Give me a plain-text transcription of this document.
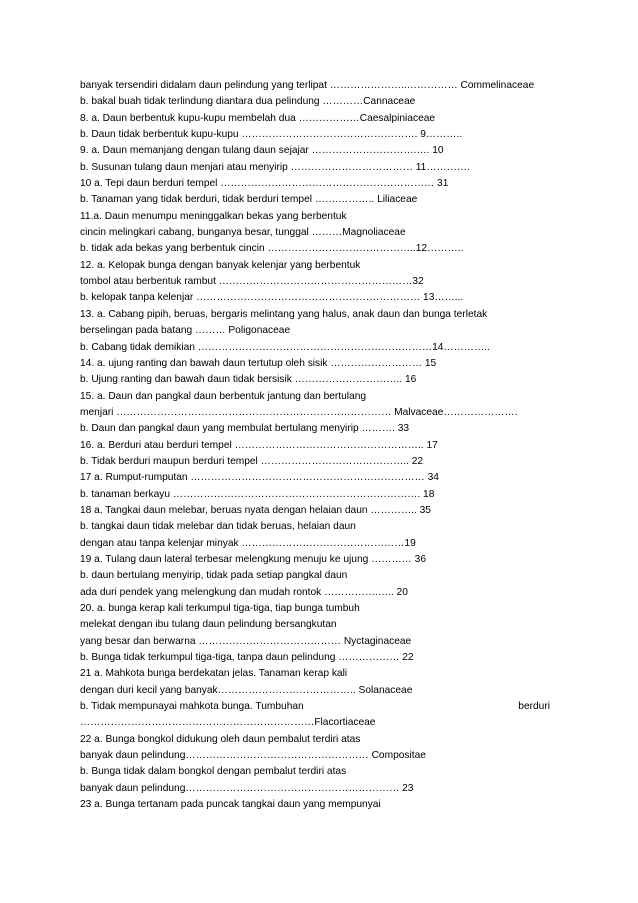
banyak tersendiri didalam daun pelindung yang terlipat …………………..…………… Commelinaceae
b. bakal buah tidak terlindung diantara dua pelindung …………Cannaceae
8. a. Daun berbentuk kupu-kupu membelah dua ………………Caesalpiniaceae
b. Daun tidak berbentuk kupu-kupu ……………………………………………. 9………..
9. a. Daun memanjang dengan tulang daun sejajar ………………………….…. 10
b. Susunan tulang daun menjari atau menyirip ……………………………… 11………….
10 a. Tepi daun berduri tempel ……………………………………………………… 31
b. Tanaman yang tidak berduri, tidak berduri tempel …….……….. Liliaceae
11.a. Daun menumpu meninggalkan bekas yang berbentuk
cincin melingkari cabang, bunganya besar, tunggal ………Magnoliaceae
b. tidak ada bekas yang berbentuk cincin ……………………………………..12………..
12. a. Kelopak bunga dengan banyak kelenjar yang berbentuk
tombol atau berbentuk rambut …………………………………………………32
b. kelopak tanpa kelenjar ………………………………………………………… 13……...
13. a. Cabang pipih, beruas, bergaris melintang yang halus, anak daun dan bunga terletak
berselingan pada batang ……… Poligonaceae
b. Cabang tidak demikian ……………………………………………………………14…………..
14. a. ujung ranting dan bawah daun tertutup oleh sisik ……………………… 15
b. Ujung ranting dan bawah daun tidak bersisik ………………………….. 16
15. a. Daun dan pangkal daun berbentuk jantung dan bertulang
menjari ……………………………………………………………………… Malvaceae………………….
b. Daun dan pangkal daun yang membulat bertulang menyirip ………. 33
16. a. Berduri atau berduri tempel ……………………………………………….. 17
b. Tidak berduri maupun berduri tempel …………………………………….. 22
17 a. Rumput-rumputan …………………………………………………………… 34
b. tanaman berkayu ………………………………………………………………. 18
18 a. Tangkai daun melebar, beruas nyata dengan helaian daun ………….. 35
b. tangkai daun tidak melebar dan tidak beruas, helaian daun
dengan atau tanpa kelenjar minyak …………………………………………19
19 a. Tulang daun lateral terbesar melengkung menuju ke ujung ………… 36
b. daun bertulang menyirip, tidak pada setiap pangkal daun
ada duri pendek yang melengkung dan mudah rontok …………….….. 20
20. a. bunga kerap kali terkumpul tiga-tiga, tiap bunga tumbuh
melekat dengan ibu tulang daun pelindung bersangkutan
yang besar dan berwarna …………………………………… Nyctaginaceae
b. Bunga tidak terkumpul tiga-tiga, tanpa daun pelindung ……………… 22
21 a. Mahkota bunga berdekatan jelas. Tanaman kerap kali
dengan duri kecil yang banyak………………………………….. Solanaceae
b. Tidak mempunayai mahkota bunga. Tumbuhan	berduri
……………………………………………………………Flacortiaceae
22 a. Bunga bongkol didukung oleh daun pembalut terdiri atas
banyak daun pelindung……………………………………………… Compositae
b. Bunga tidak dalam bongkol dengan pembalut terdiri atas
banyak daun pelindung……………………………………………………… 23
23 a. Bunga tertanam pada puncak tangkai daun yang mempunyai
